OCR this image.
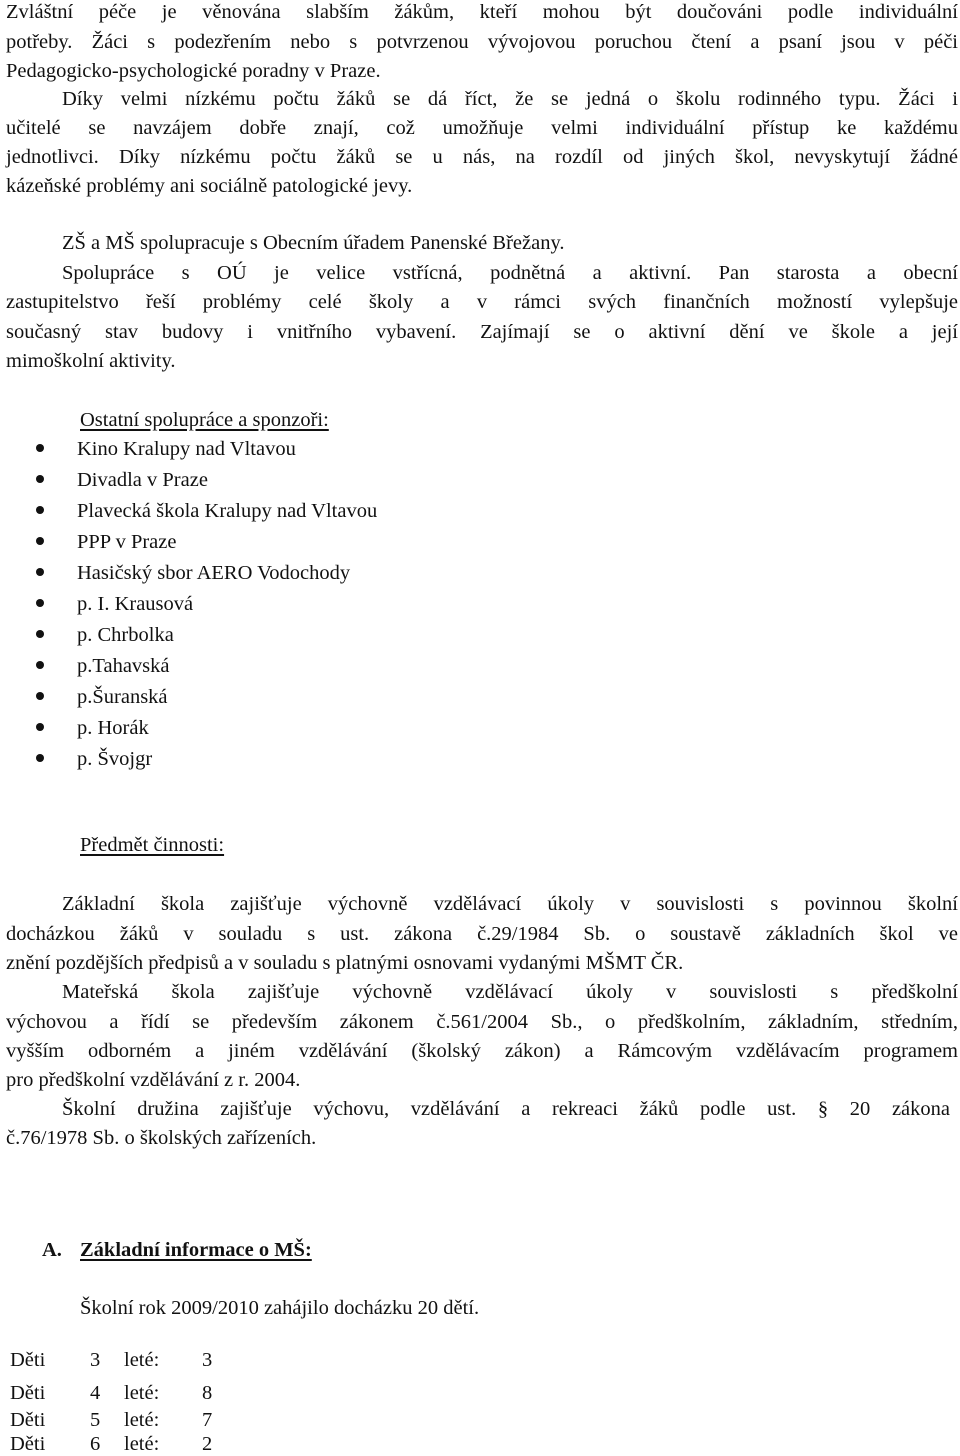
Zvláštní péče je věnována slabším žákům, kteří mohou být doučováni podle individuální
potřeby. Žáci s podezřením nebo s potvrzenou vývojovou poruchou čtení a psaní jsou v péči
Pedagogicko-psychologické poradny v Praze.
Díky velmi nízkému počtu žáků se dá říct, že se jedná o školu rodinného typu. Žáci i
učitelé se navzájem dobře znají, což umožňuje velmi individuální přístup ke každému
jednotlivci. Díky nízkému počtu žáků se u nás, na rozdíl od jiných škol, nevyskytují žádné
kázeňské problémy ani sociálně patologické jevy.
ZŠ a MŠ spolupracuje s Obecním úřadem Panenské Břežany.
Spolupráce s OÚ je velice vstřícná, podnětná a aktivní. Pan starosta a obecní
zastupitelstvo řeší problémy celé školy a v rámci svých finančních možností vylepšuje
současný stav budovy i vnitřního vybavení. Zajímají se o aktivní dění ve škole a její
mimoškolní aktivity.
Ostatní spolupráce a sponzoři:
Kino Kralupy nad Vltavou
Divadla v Praze
Plavecká škola Kralupy nad Vltavou
PPP v Praze
Hasičský sbor AERO Vodochody
p. I. Krausová
p. Chrbolka
p.Tahavská
p.Šuranská
p. Horák
p. Švojgr
Předmět činnosti:
Základní škola zajišťuje výchovně vzdělávací úkoly v souvislosti s povinnou školní
docházkou žáků v souladu s ust. zákona č.29/1984 Sb. o soustavě základních škol ve
znění pozdějších předpisů a v souladu s platnými osnovami vydanými MŠMT ČR.
Mateřská škola zajišťuje výchovně vzdělávací úkoly v souvislosti s předškolní
výchovou a řídí se především zákonem č.561/2004 Sb., o předškolním, základním, středním,
vyšším odborném a jiném vzdělávání (školský zákon) a Rámcovým vzdělávacím programem
pro předškolní vzdělávání z r. 2004.
Školní družina zajišťuje výchovu, vzdělávání a rekreaci žáků podle ust. § 20 zákona
č.76/1978 Sb. o školských zařízeních.
A. Základní informace o MŠ:
Školní rok 2009/2010 zahájilo docházku 20 dětí.
Děti 3 leté: 3
Děti 4 leté: 8
Děti 5 leté: 7
Děti 6 leté: 2
